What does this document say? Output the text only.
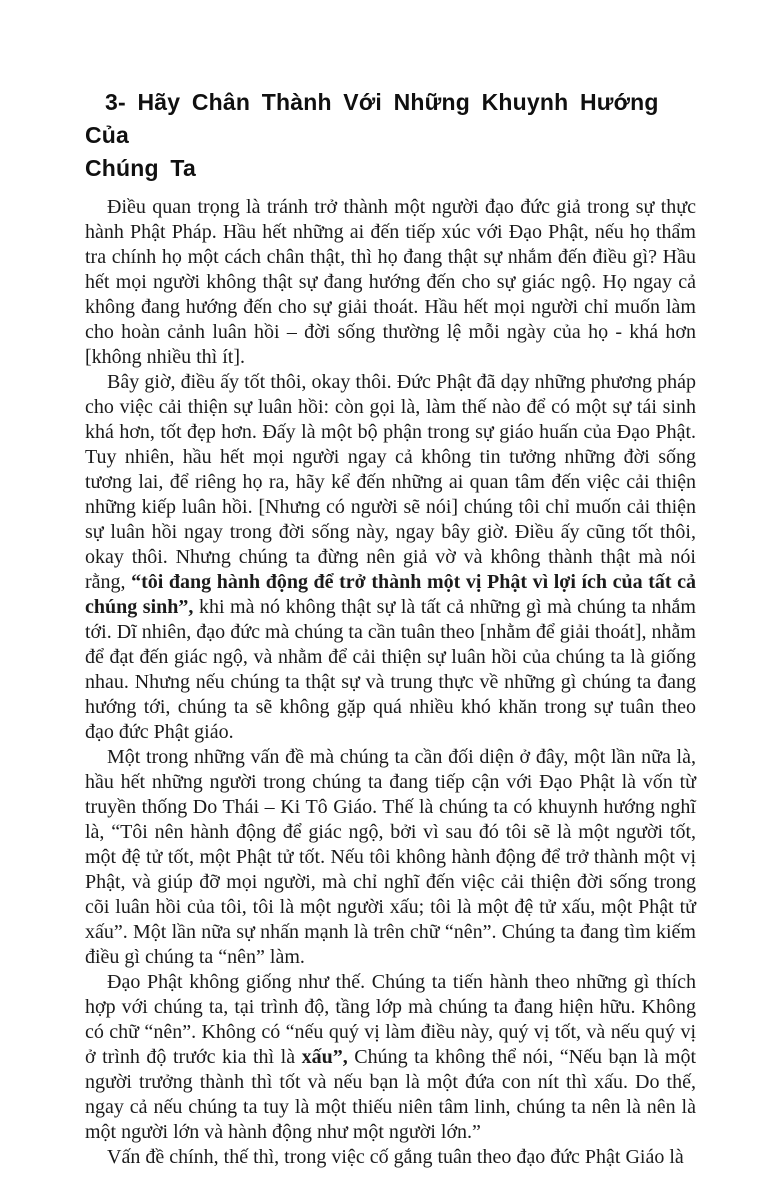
3- Hãy Chân Thành Với Những Khuynh Hướng Của
Chúng Ta

Điều quan trọng là tránh trở thành một người đạo đức giả trong sự thực hành Phật Pháp. Hầu hết những ai đến tiếp xúc với Đạo Phật, nếu họ thẩm tra chính họ một cách chân thật, thì họ đang thật sự nhắm đến điều gì? Hầu hết mọi người không thật sự đang hướng đến cho sự giác ngộ. Họ ngay cả không đang hướng đến cho sự giải thoát. Hầu hết mọi người chỉ muốn làm cho hoàn cảnh luân hồi – đời sống thường lệ mỗi ngày của họ - khá hơn [không nhiều thì ít].

Bây giờ, điều ấy tốt thôi, okay thôi. Đức Phật đã dạy những phương pháp cho việc cải thiện sự luân hồi: còn gọi là, làm thế nào để có một sự tái sinh khá hơn, tốt đẹp hơn. Đấy là một bộ phận trong sự giáo huấn của Đạo Phật. Tuy nhiên, hầu hết mọi người ngay cả không tin tưởng những đời sống tương lai, để riêng họ ra, hãy kể đến những ai quan tâm đến việc cải thiện những kiếp luân hồi. [Nhưng có người sẽ nói] chúng tôi chỉ muốn cải thiện sự luân hồi ngay trong đời sống này, ngay bây giờ. Điều ấy cũng tốt thôi, okay thôi. Nhưng chúng ta đừng nên giả vờ và không thành thật mà nói rằng, “tôi đang hành động để trở thành một vị Phật vì lợi ích của tất cả chúng sinh”, khi mà nó không thật sự là tất cả những gì mà chúng ta nhắm tới. Dĩ nhiên, đạo đức mà chúng ta cần tuân theo [nhằm để giải thoát], nhằm để đạt đến giác ngộ, và nhằm để cải thiện sự luân hồi của chúng ta là giống nhau. Nhưng nếu chúng ta thật sự và trung thực về những gì chúng ta đang hướng tới, chúng ta sẽ không gặp quá nhiều khó khăn trong sự tuân theo đạo đức Phật giáo.

Một trong những vấn đề mà chúng ta cần đối diện ở đây, một lần nữa là, hầu hết những người trong chúng ta đang tiếp cận với Đạo Phật là vốn từ truyền thống Do Thái – Ki Tô Giáo. Thế là chúng ta có khuynh hướng nghĩ là, “Tôi nên hành động để giác ngộ, bởi vì sau đó tôi sẽ là một người tốt, một đệ tử tốt, một Phật tử tốt. Nếu tôi không hành động để trở thành một vị Phật, và giúp đỡ mọi người, mà chỉ nghĩ đến việc cải thiện đời sống trong cõi luân hồi của tôi, tôi là một người xấu; tôi là một đệ tử xấu, một Phật tử xấu”. Một lần nữa sự nhấn mạnh là trên chữ “nên”. Chúng ta đang tìm kiếm điều gì chúng ta “nên” làm.

Đạo Phật không giống như thế. Chúng ta tiến hành theo những gì thích hợp với chúng ta, tại trình độ, tầng lớp mà chúng ta đang hiện hữu. Không có chữ “nên”. Không có “nếu quý vị làm điều này, quý vị tốt, và nếu quý vị ở trình độ trước kia thì là xấu”, Chúng ta không thể nói, “Nếu bạn là một người trưởng thành thì tốt và nếu bạn là một đứa con nít thì xấu. Do thế, ngay cả nếu chúng ta tuy là một thiếu niên tâm linh, chúng ta nên là nên là một người lớn và hành động như một người lớn.”

Vấn đề chính, thế thì, trong việc cố gắng tuân theo đạo đức Phật Giáo là
